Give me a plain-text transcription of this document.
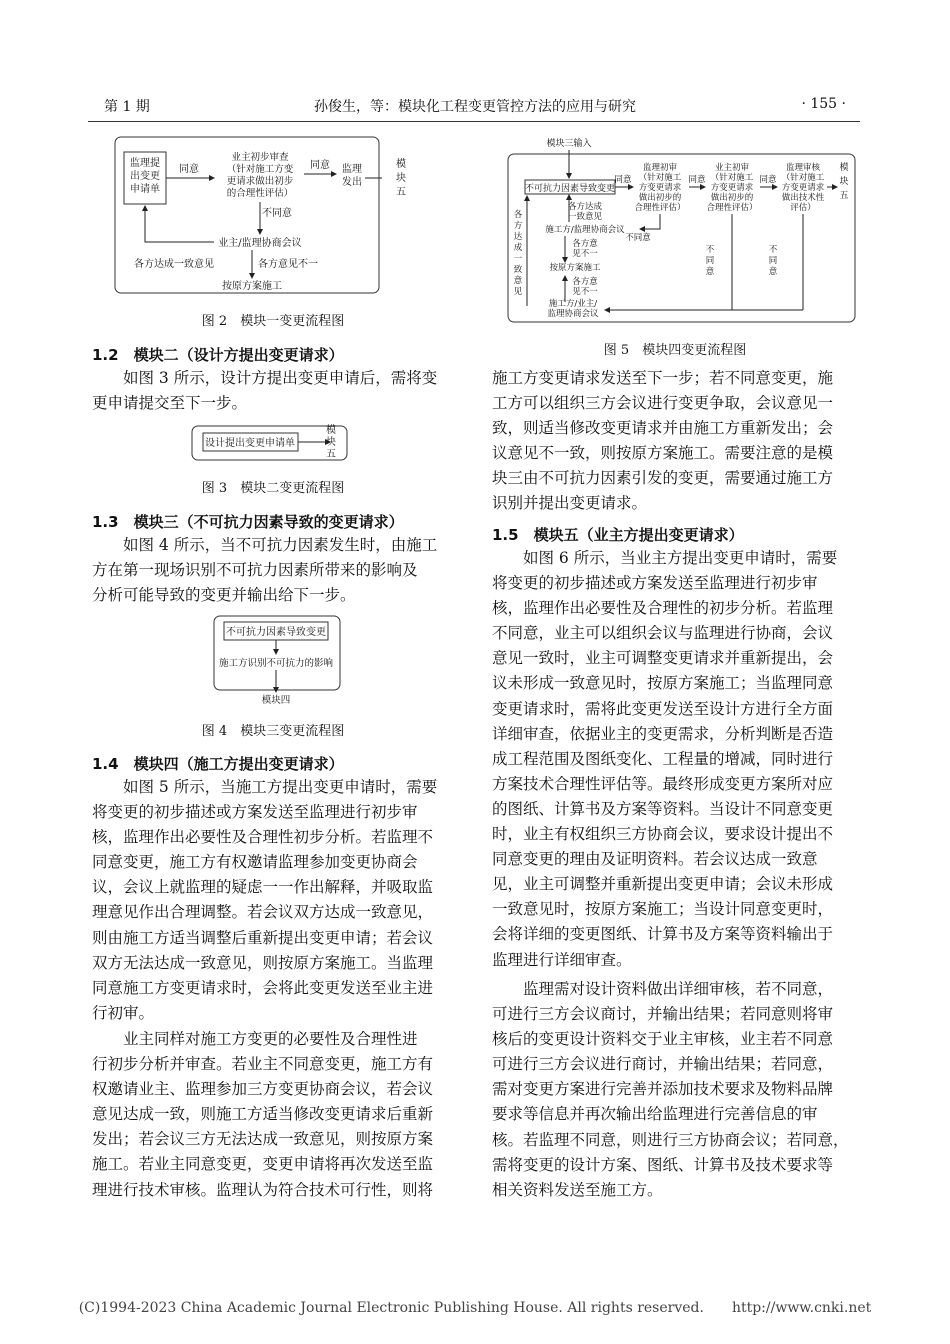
第 1 期	孙俊生，等：模块化工程变更管控方法的应用与研究	· 155 ·
监理提
出变更
申请单
同意
业主初步审查
（针对施工方变
更请求做出初步
的合理性评估）
同意 监理
发出
不同意
业主/监理协商会议
各方达成一致意见	各方意见不一
按原方案施工
模
块
五
图 2　模块一变更流程图
1.2　模块二（设计方提出变更请求）
如图 3 所示，设计方提出变更申请后，需将变
更申请提交至下一步。
设计提出变更申请单
模
块
五
图 3　模块二变更流程图
1.3　模块三（不可抗力因素导致的变更请求）
如图 4 所示，当不可抗力因素发生时，由施工
方在第一现场识别不可抗力因素所带来的影响及
分析可能导致的变更并输出给下一步。
不可抗力因素导致变更
施工方识别不可抗力的影响
模块四
图 4　模块三变更流程图
1.4　模块四（施工方提出变更请求）
如图 5 所示，当施工方提出变更申请时，需要
将变更的初步描述或方案发送至监理进行初步审
核，监理作出必要性及合理性初步分析。若监理不
同意变更，施工方有权邀请监理参加变更协商会
议，会议上就监理的疑虑一一作出解释，并吸取监
理意见作出合理调整。若会议双方达成一致意见，
则由施工方适当调整后重新提出变更申请；若会议
双方无法达成一致意见，则按原方案施工。当监理
同意施工方变更请求时，会将此变更发送至业主进
行初审。
业主同样对施工方变更的必要性及合理性进
行初步分析并审查。若业主不同意变更，施工方有
权邀请业主、监理参加三方变更协商会议，若会议
意见达成一致，则施工方适当修改变更请求后重新
发出；若会议三方无法达成一致意见，则按原方案
施工。若业主同意变更，变更申请将再次发送至监
理进行技术审核。监理认为符合技术可行性，则将
模块三输入
不可抗力因素导致变更
同意
监理初审
（针对施工
方变更请求
做出初步的
合理性评估）
同意
业主初审
（针对施工
方变更请求
做出初步的
合理性评估）
同意
监理审核
（针对施工
方变更请求
做出技术性
评估）
模
块
五
各
方
达
成
一
致
意
见
各方达成
一致意见
施工方/监理协商会议
不同意
不
同
意
不
同
意
各方意
见不一
按原方案施工
各方意
见不一
施工方/业主/
监理协商会议
图 5　模块四变更流程图
施工方变更请求发送至下一步；若不同意变更，施
工方可以组织三方会议进行变更争取，会议意见一
致，则适当修改变更请求并由施工方重新发出；会
议意见不一致，则按原方案施工。需要注意的是模
块三由不可抗力因素引发的变更，需要通过施工方
识别并提出变更请求。
1.5　模块五（业主方提出变更请求）
如图 6 所示，当业主方提出变更申请时，需要
将变更的初步描述或方案发送至监理进行初步审
核，监理作出必要性及合理性的初步分析。若监理
不同意，业主可以组织会议与监理进行协商，会议
意见一致时，业主可调整变更请求并重新提出，会
议未形成一致意见时，按原方案施工；当监理同意
变更请求时，需将此变更发送至设计方进行全方面
详细审查，依据业主的变更需求，分析判断是否造
成工程范围及图纸变化、工程量的增减，同时进行
方案技术合理性评估等。最终形成变更方案所对应
的图纸、计算书及方案等资料。当设计不同意变更
时，业主有权组织三方协商会议，要求设计提出不
同意变更的理由及证明资料。若会议达成一致意
见，业主可调整并重新提出变更申请；会议未形成
一致意见时，按原方案施工；当设计同意变更时，
会将详细的变更图纸、计算书及方案等资料输出于
监理进行详细审查。
监理需对设计资料做出详细审核，若不同意，
可进行三方会议商讨，并输出结果；若同意则将审
核后的变更设计资料交于业主审核，业主若不同意
可进行三方会议进行商讨，并输出结果；若同意，
需对变更方案进行完善并添加技术要求及物料品牌
要求等信息并再次输出给监理进行完善信息的审
核。若监理不同意，则进行三方协商会议；若同意，
需将变更的设计方案、图纸、计算书及技术要求等
相关资料发送至施工方。
(C)1994-2023 China Academic Journal Electronic Publishing House. All rights reserved.　　http://www.cnki.net
